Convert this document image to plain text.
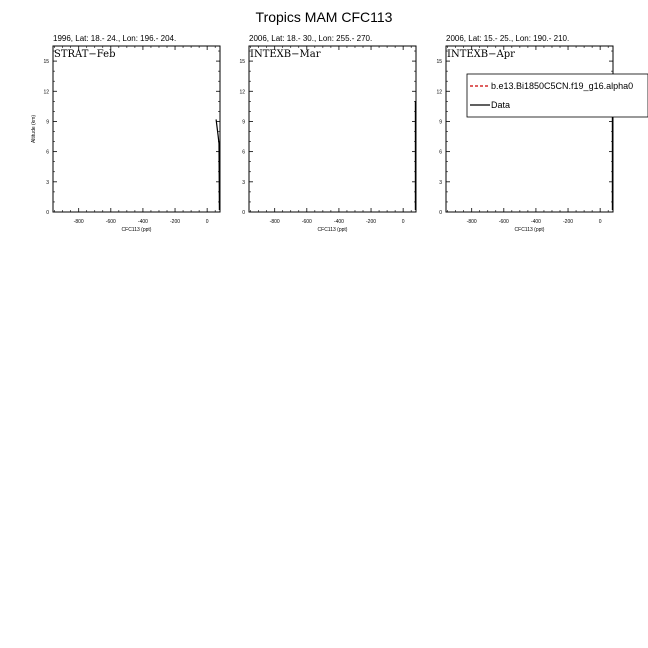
Tropics MAM CFC113
1996, Lat: 18.- 24., Lon: 196.- 204.
-800	-600	-400	-200	0
0
3
6
9
12
15
CFC113 (ppt)
Altitude (km)
STRAT−Feb
2006, Lat: 18.- 30., Lon: 255.- 270.
-800	-600	-400	-200	0
0
3
6
9
12
15
CFC113 (ppt)
INTEXB−Mar
2006, Lat: 15.- 25., Lon: 190.- 210.
-800	-600	-400	-200	0
0
3
6
9
12
15
CFC113 (ppt)
INTEXB−Apr
b.e13.Bi1850C5CN.f19_g16.alpha0
Data
